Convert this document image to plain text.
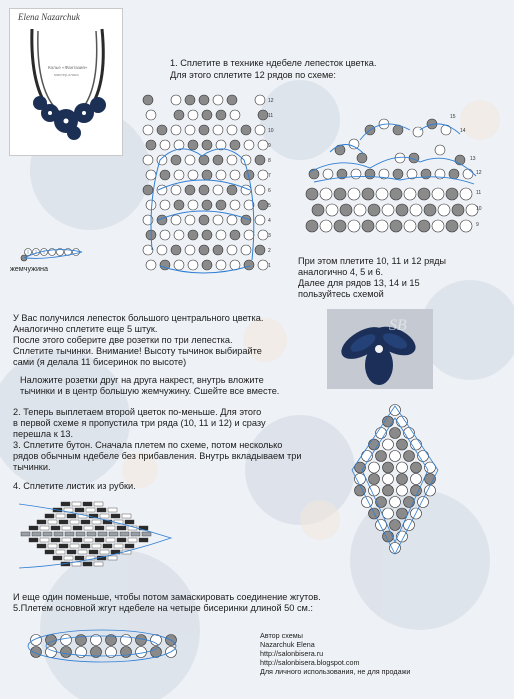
Elena Nazarchuk
Колье «Фантазия»
мастер-класс
1. Сплетите в технике ндебеле лепесток цветка.
Для этого сплетите 12 рядов по схеме:
12
11
10
9
8
7
6
5
4
3
2
1
жемчужина
15
14
13
12
11
10
9
При этом плетите 10, 11 и 12 ряды
аналогично 4, 5 и 6.
Далее для рядов 13, 14 и 15
пользуйтесь схемой
У Вас получился лепесток большого центрального цветка.
Аналогично сплетите еще 5 штук.
После этого соберите две розетки по три лепестка.
Сплетите тычинки. Внимание! Высоту тычинок выбирайте
сами (я делала 11 бисеринок по высоте)
SB
Наложите розетки друг на друга накрест, внутрь вложите
тычинки и в центр большую жемчужину. Сшейте все вместе.
2. Теперь выплетаем второй цветок по-меньше. Для этого
в первой схеме я пропустила три ряда (10, 11 и 12) и сразу
перешла к 13.
3. Сплетите бутон. Сначала плетем по схеме, потом несколько
рядов обычным ндебеле без прибавления. Внутрь вкладываем три
тычинки.
4. Сплетите листик из рубки.
И еще один поменьше, чтобы потом замаскировать соединение жгутов.
5.Плетем основной жгут ндебеле на четыре бисеринки длиной 50 см.:
Автор схемы
Nazarchuk Elena
http://salonbisera.ru
http://salonbisera.blogspot.com
Для личного использования, не для продажи
